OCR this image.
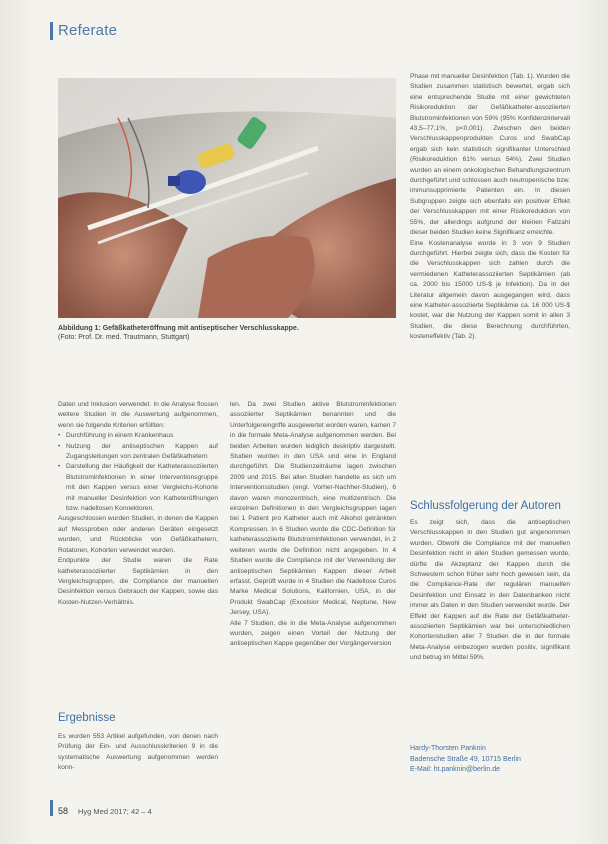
Referate
Abbildung 1: Gefäßkatheteröffnung mit antiseptischer Verschlusskappe.
(Foto: Prof. Dr. med. Trautmann, Stuttgart)

Daten und Inklusion verwendet. In die Analyse flossen weitere Studien in die Auswertung aufgenommen, wenn sie folgende Kriterien erfüllten:

• Durchführung in einem Krankenhaus
• Nutzung der antiseptischen Kappen auf Zugangsleitungen von zentralen Gefäßkathetern
• Darstellung der Häufigkeit der Katheterassoziierten Blutstrominfektionen in einer Interventionsgruppe mit den Kappen versus einer Vergleichs-Kohorte mit manueller Desinfektion von Katheteröffnungen bzw. nadellosen Konnektoren.

Ausgeschlossen wurden Studien, in denen die Kappen auf Messproben oder anderen Geräten eingesetzt wurden, und Rückblicke von Gefäßkathetern, Rotatoren, Kohorten verwendet wurden.

Endpunkte der Studie waren die Rate katheterassoziierter Septikämien in den Vergleichsgruppen, die Compliance der manuellen Desinfektion versus Gebrauch der Kappen, sowie das Kosten-Nutzen-Verhältnis.

Ergebnisse

Es wurden 553 Artikel aufgefunden, von denen nach Prüfung der Ein- und Ausschlusskriterien 9 in die systematische Auswertung aufgenommen werden konn-

len. Da zwei Studien aktive Blutstrominfektionen assoziierter Septikämien benannten und die Unterfolgereingriffe ausgewertet worden waren, kamen 7 in die formale Meta-Analyse aufgenommen werden. Bei beiden Arbeiten wurden lediglich deskriptiv dargestellt. Studien wurden in den USA und eine in England durchgeführt. Die Studienzeiträume lagen zwischen 2009 und 2015. Bei allen Studien handelte es sich um Interventionsstudien (engl. Vorher-Nachher-Studien), 6 davon waren monozentrisch, eine multizentrisch. Die einzelnen Definitionen in den Vergleichsgruppen lagen bei 1 Patient pro Katheter auch mit Alkohol getränkten Kompressen. In 6 Studien wurde die CDC-Definition für katheterassoziierte Blutstrominfektionen verwendet, in 2 weiteren wurde die Definition nicht angegeben. In 4 Studien wurde die Compliance mit der Verwendung der antiseptischen Septikämien Kappen dieser Arbeit erfasst. Geprüft wurde in 4 Studien die Nadellose Curos Marke Medical Solutions, Kalifornien, USA, in der Produkt SwabCap (Excelsior Medical, Neptune, New Jersey, USA).

Alle 7 Studien, die in die Meta-Analyse aufgenommen wurden, zeigen einen Vorteil der Nutzung der antiseptischen Kappe gegenüber der Vorgängerversion

Phase mit manueller Desinfektion (Tab. 1). Wurden die Studien zusammen statistisch bewertet, ergab sich eine entsprechende Studie mit einer gewichteten Risikoreduktion der Gefäßkatheter-assoziierten Blutstrominfektionen von 59% (95% Konfidenzintervall 43,5–77,1%, p<0,001). Zwischen den beiden Verschlusskappenprodukten Curos und SwabCap ergab sich kein statistisch signifikanter Unterschied (Risikoreduktion 61% versus 54%). Zwei Studien wurden an einem onkologischen Behandlungszentrum durchgeführt und schlossen auch neutropenische bzw. immunsupprimierte Patienten ein. In diesen Subgruppen zeigte sich ebenfalls ein positiver Effekt der Verschlusskappen mit einer Risikoreduktion von 55%, der allerdings aufgrund der kleinen Fallzahl dieser beiden Studien keine Signifikanz erreichte.

Eine Kostenanalyse wurde in 3 von 9 Studien durchgeführt. Hierbei zeigte sich, dass die Kosten für die Verschlusskappen sich zahlen durch die vermiedenen Katheterassoziierten Septikämien (ab ca. 2000 bis 15000 US-$ je Infektion). Da in der Literatur allgemein davon ausgegangen wird, dass eine Katheter-assoziierte Septikämie ca. 16 000 US-$ kostet, war die Nutzung der Kappen somit in allen 3 Studien, die diese Berechnung durchführten, kosteneffektiv (Tab. 2).

Schlussfolgerung der Autoren

Es zeigt sich, dass die antiseptischen Verschlusskappen in den Studien gut angenommen wurden. Obwohl die Compliance mit der manuellen Desinfektion nicht in allen Studien gemessen wurde, dürfte die Akzeptanz der Kappen durch die Schwestern schon früher sehr hoch gewesen sein, da die Compliance-Rate der regulären manuellen Desinfektion und Einsatz in den Datenbanken nicht immer als Daten in den Studien verwendet wurde. Der Effekt der Kappen auf die Rate der Gefäßkatheter-assoziierten Septikämien war bei unterschiedlichen Kohortenstudien aller 7 Studien die in der formale Meta-Analyse einbezogen wurden positiv, signifikant und betrug im Mittel 59%.

Hardy-Thorsten Panknin
Badensche Straße 49, 10715 Berlin
E-Mail: ht.panknin@berlin.de
58 Hyg Med 2017; 42 – 4
